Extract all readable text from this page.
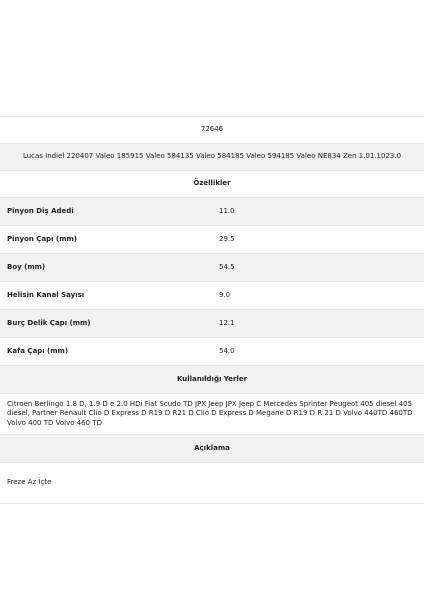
72646	
Lucas Indiel 220407 Valeo 185915 Valeo 584135 Valeo 584185 Valeo 594185 Valeo NE834 Zen 1.01.1023.0	
Özellikler	
Pinyon Diş Adedi	11.0
Pinyon Çapı (mm)	29.5
Boy (mm)	54.5
Helisin Kanal Sayısı	9.0
Burç Delik Çapı (mm)	12.1
Kafa Çapı (mm)	54.0
Kullanıldığı Yerler	
Citroen Berlingo 1.8 D, 1.9 D e 2.0 HDi Fiat Scudo TD JPX Jeep JPX Jeep C Mercedes Sprinter Peugeot 405 diesel 405 diesel, Partner Renault Clio D Express D R19 D R21 D Clio D Express D Megane D R19 D R 21 D Volvo 440TD 460TD Volvo 400 TD Volvo 460 TD	
Açıklama	
Freze Az İçte	
